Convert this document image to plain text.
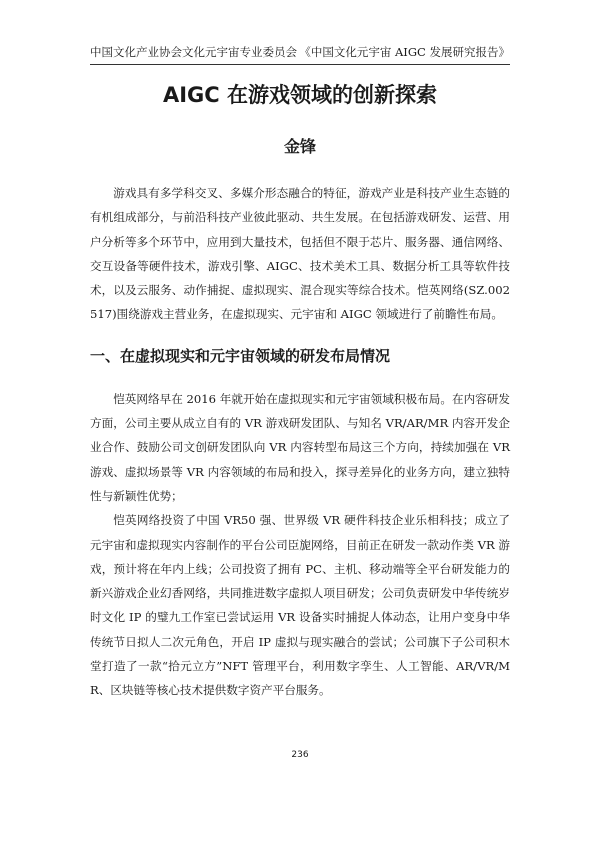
中国文化产业协会文化元宇宙专业委员会 《中国文化元宇宙 AIGC 发展研究报告》
AIGC 在游戏领域的创新探索
金锋

游戏具有多学科交叉、多媒介形态融合的特征，游戏产业是科技产业生态链的有机组成部分，与前沿科技产业彼此驱动、共生发展。在包括游戏研发、运营、用户分析等多个环节中，应用到大量技术，包括但不限于芯片、服务器、通信网络、交互设备等硬件技术，游戏引擎、AIGC、技术美术工具、数据分析工具等软件技术，以及云服务、动作捕捉、虚拟现实、混合现实等综合技术。恺英网络(SZ.002517)围绕游戏主营业务，在虚拟现实、元宇宙和 AIGC 领域进行了前瞻性布局。

一、在虚拟现实和元宇宙领域的研发布局情况

恺英网络早在 2016 年就开始在虚拟现实和元宇宙领域积极布局。在内容研发方面，公司主要从成立自有的 VR 游戏研发团队、与知名 VR/AR/MR 内容开发企业合作、鼓励公司文创研发团队向 VR 内容转型布局这三个方向，持续加强在 VR 游戏、虚拟场景等 VR 内容领域的布局和投入，探寻差异化的业务方向，建立独特性与新颖性优势；

恺英网络投资了中国 VR50 强、世界级 VR 硬件科技企业乐相科技；成立了元宇宙和虚拟现实内容制作的平台公司臣旎网络，目前正在研发一款动作类 VR 游戏，预计将在年内上线；公司投资了拥有 PC、主机、移动端等全平台研发能力的新兴游戏企业幻香网络，共同推进数字虚拟人项目研发；公司负责研发中华传统岁时文化 IP 的璧九工作室已尝试运用 VR 设备实时捕捉人体动态，让用户变身中华传统节日拟人二次元角色，开启 IP 虚拟与现实融合的尝试；公司旗下子公司积木堂打造了一款“拾元立方”NFT 管理平台，利用数字孪生、人工智能、AR/VR/MR、区块链等核心技术提供数字资产平台服务。

236
